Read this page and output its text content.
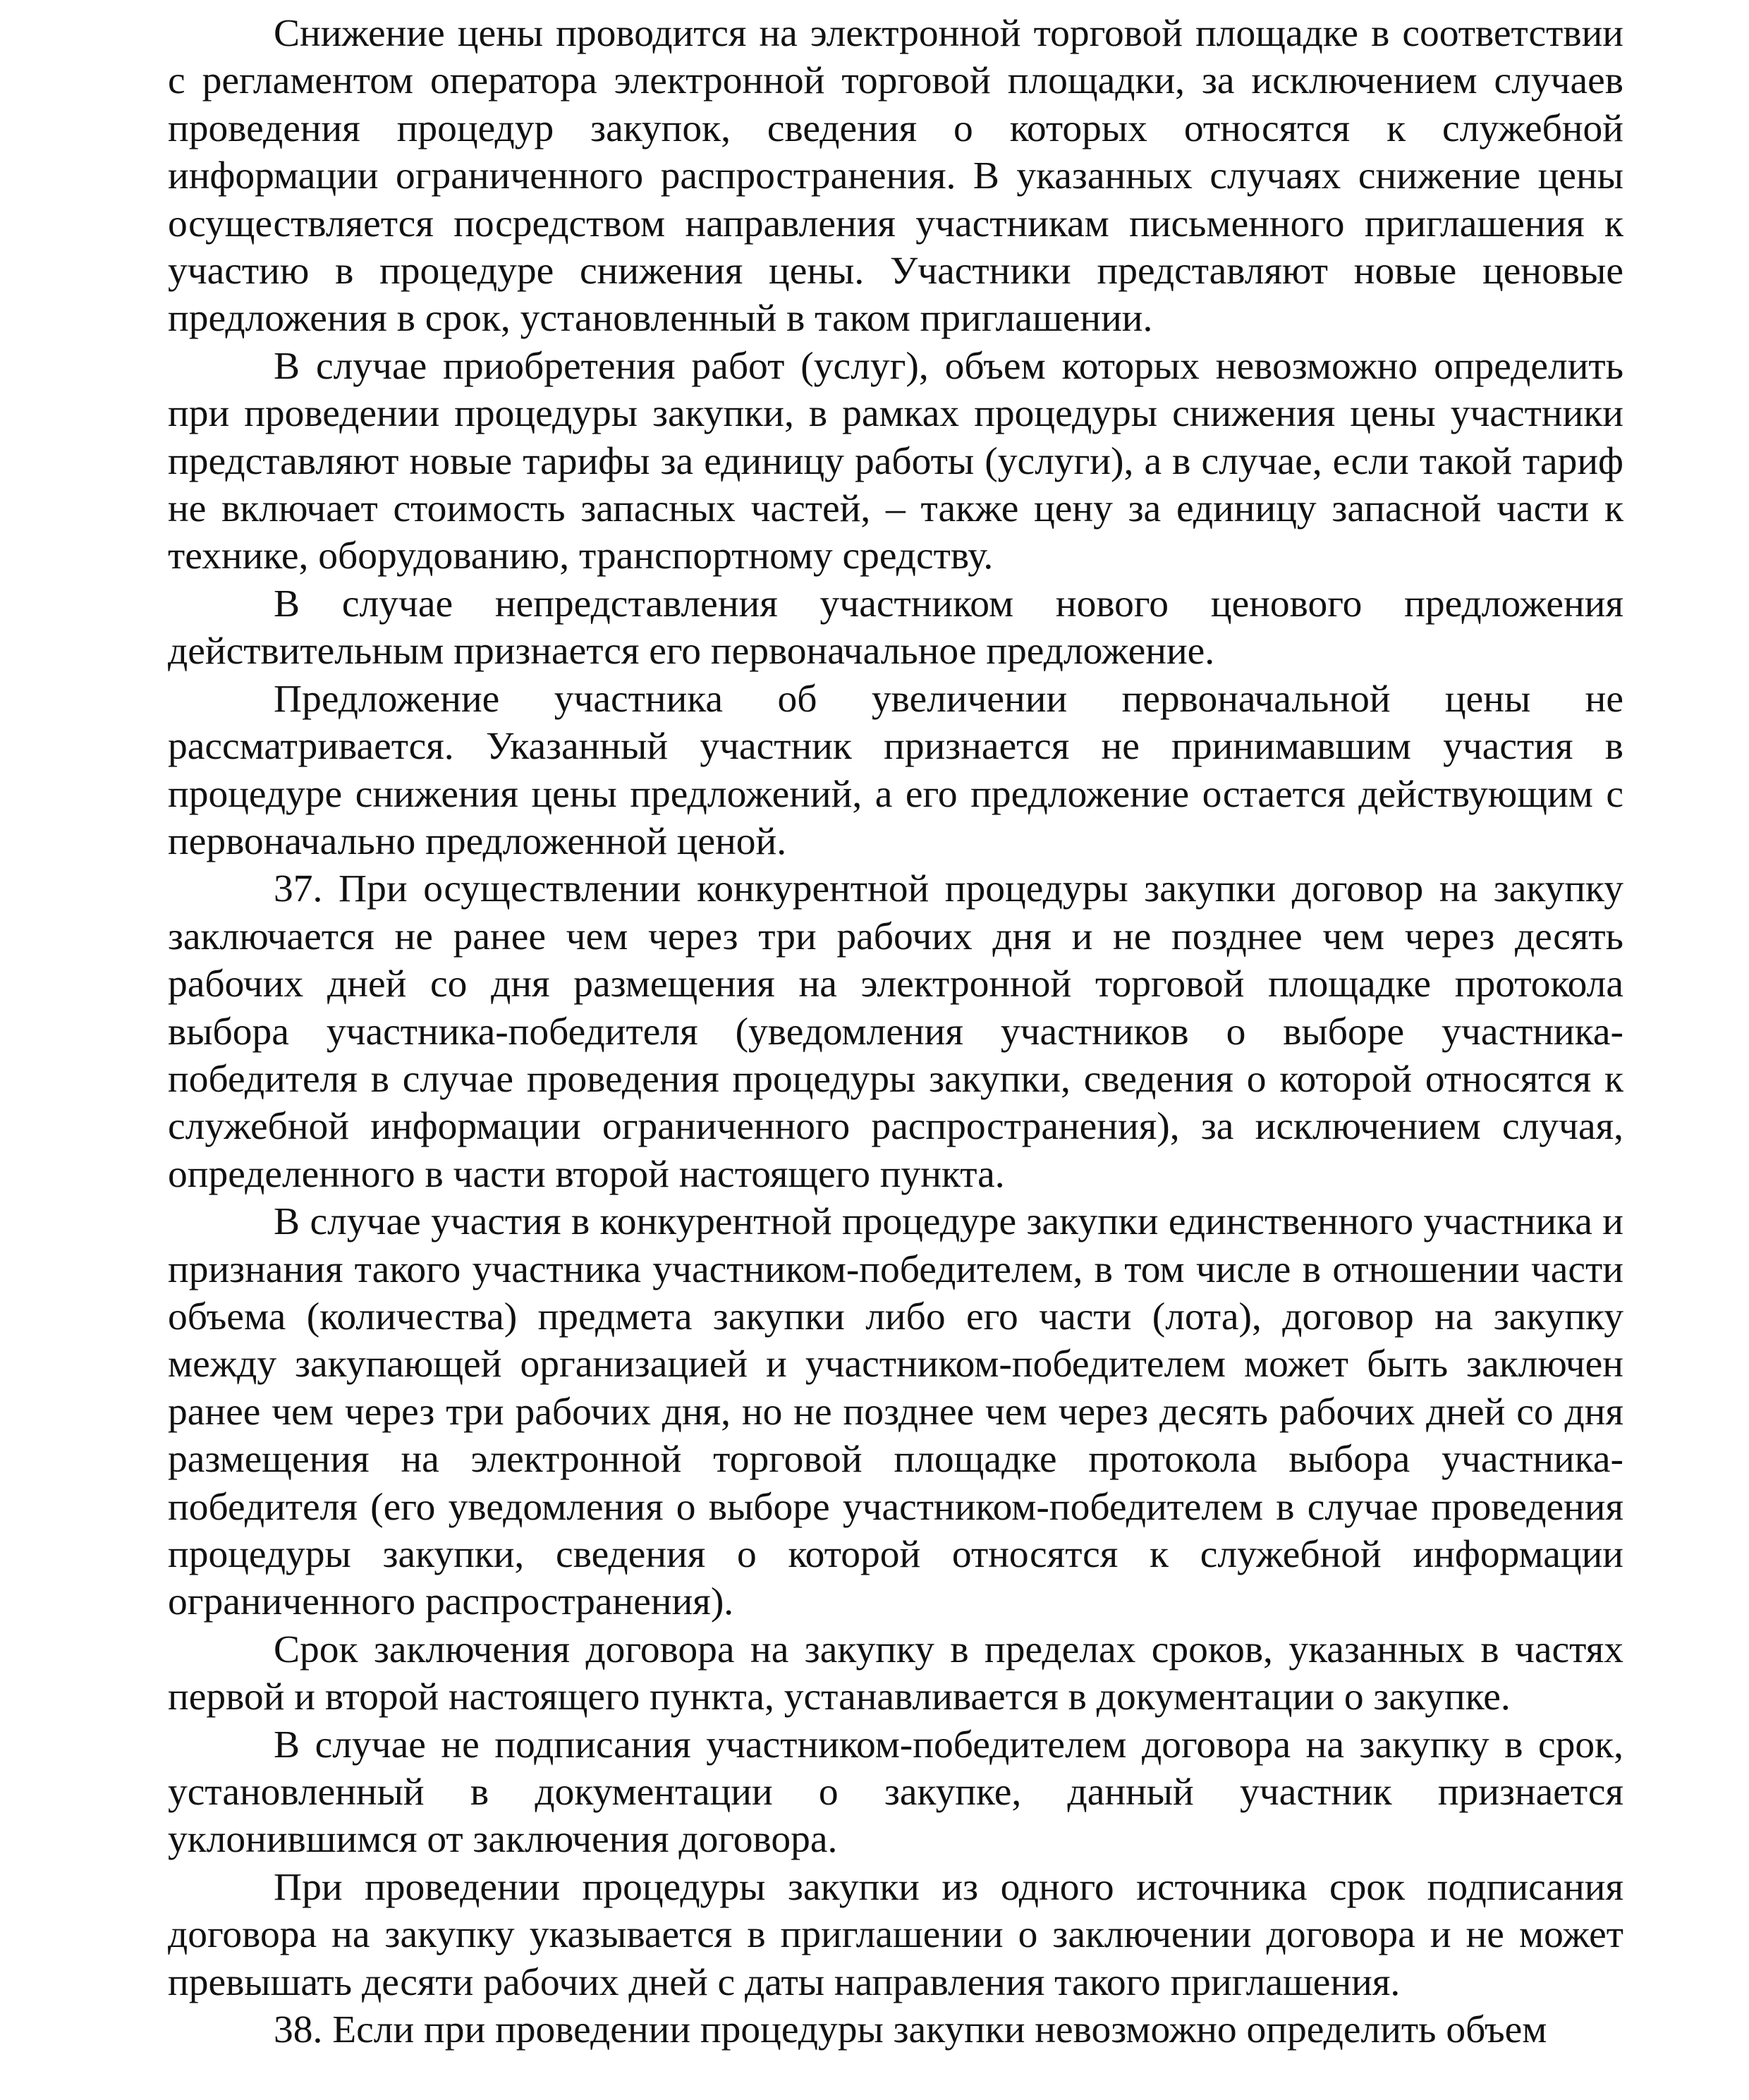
Снижение цены проводится на электронной торговой площадке в соответствии с регламентом оператора электронной торговой площадки, за исключением случаев проведения процедур закупок, сведения о которых относятся к служебной информации ограниченного распространения. В указанных случаях снижение цены осуществляется посредством направления участникам письменного приглашения к участию в процедуре снижения цены. Участники представляют новые ценовые предложения в срок, установленный в таком приглашении.

В случае приобретения работ (услуг), объем которых невозможно определить при проведении процедуры закупки, в рамках процедуры снижения цены участники представляют новые тарифы за единицу работы (услуги), а в случае, если такой тариф не включает стоимость запасных частей, – также цену за единицу запасной части к технике, оборудованию, транспортному средству.

В случае непредставления участником нового ценового предложения действительным признается его первоначальное предложение.

Предложение участника об увеличении первоначальной цены не рассматривается. Указанный участник признается не принимавшим участия в процедуре снижения цены предложений, а его предложение остается действующим с первоначально предложенной ценой.

37. При осуществлении конкурентной процедуры закупки договор на закупку заключается не ранее чем через три рабочих дня и не позднее чем через десять рабочих дней со дня размещения на электронной торговой площадке протокола выбора участника-победителя (уведомления участников о выборе участника-победителя в случае проведения процедуры закупки, сведения о которой относятся к служебной информации ограниченного распространения), за исключением случая, определенного в части второй настоящего пункта.

В случае участия в конкурентной процедуре закупки единственного участника и признания такого участника участником-победителем, в том числе в отношении части объема (количества) предмета закупки либо его части (лота), договор на закупку между закупающей организацией и участником-победителем может быть заключен ранее чем через три рабочих дня, но не позднее чем через десять рабочих дней со дня размещения на электронной торговой площадке протокола выбора участника-победителя (его уведомления о выборе участником-победителем в случае проведения процедуры закупки, сведения о которой относятся к служебной информации ограниченного распространения).

Срок заключения договора на закупку в пределах сроков, указанных в частях первой и второй настоящего пункта, устанавливается в документации о закупке.

В случае не подписания участником-победителем договора на закупку в срок, установленный в документации о закупке, данный участник признается уклонившимся от заключения договора.

При проведении процедуры закупки из одного источника срок подписания договора на закупку указывается в приглашении о заключении договора и не может превышать десяти рабочих дней с даты направления такого приглашения.

38. Если при проведении процедуры закупки невозможно определить объем
